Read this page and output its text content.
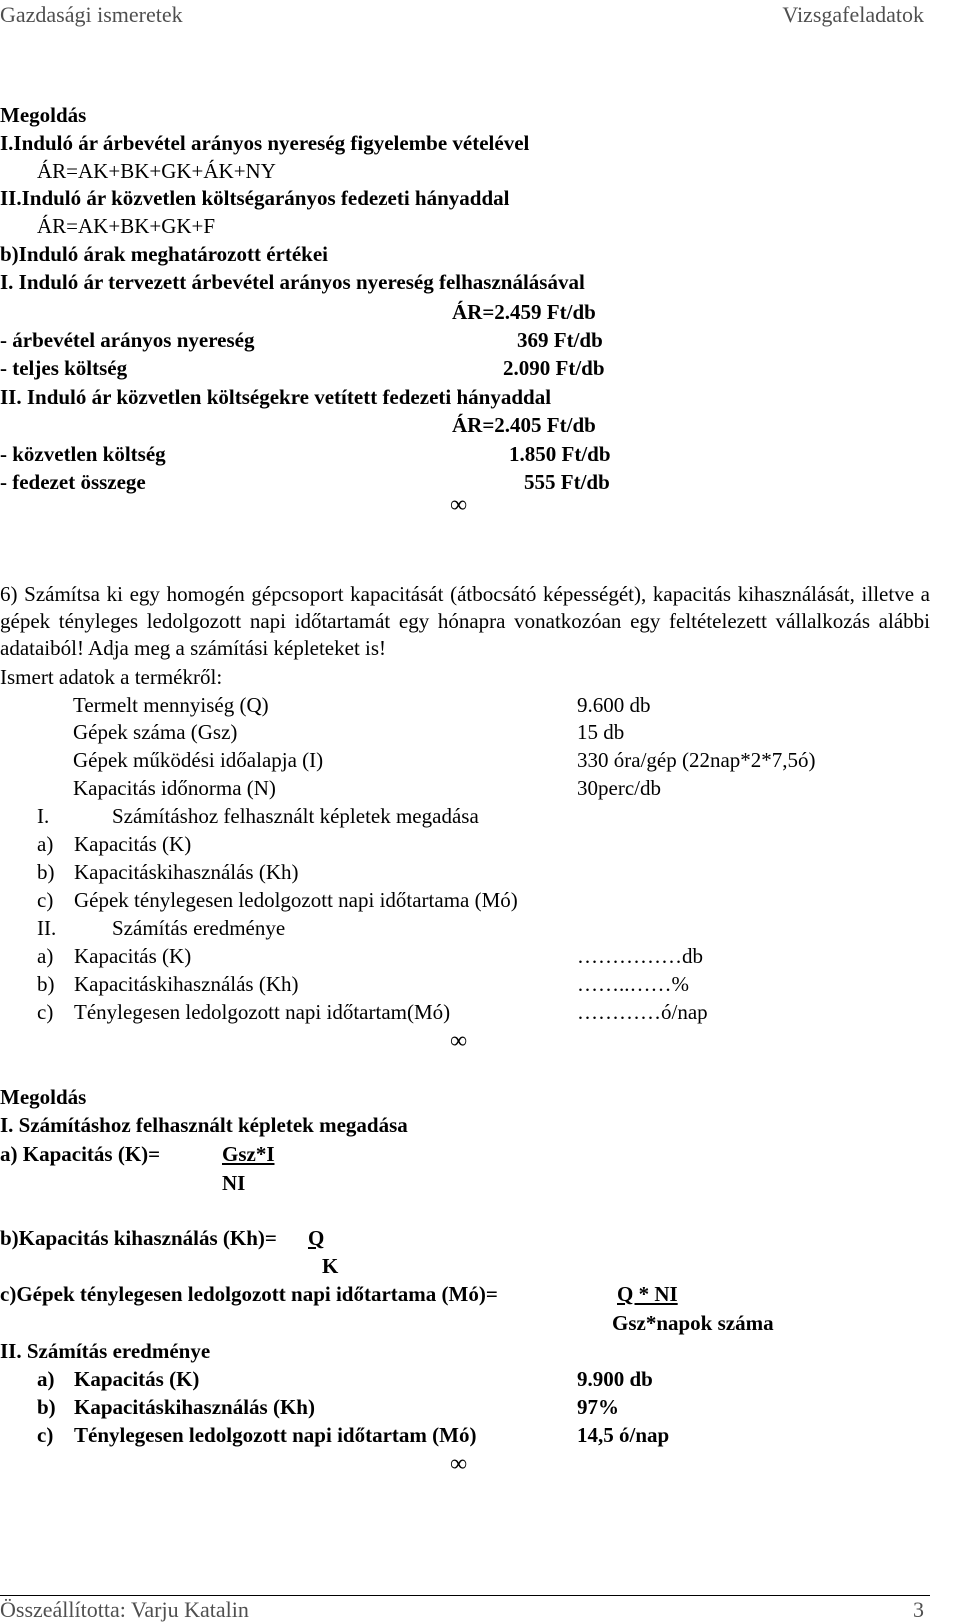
Gazdasági ismeretek	Vizsgafeladatok
Megoldás
I.Induló ár árbevétel arányos nyereség figyelembe vételével
ÁR=AK+BK+GK+ÁK+NY
II.Induló ár közvetlen költségarányos fedezeti hányaddal
ÁR=AK+BK+GK+F
b)Induló árak meghatározott értékei
I. Induló ár tervezett árbevétel arányos nyereség felhasználásával
ÁR=2.459 Ft/db
- árbevétel arányos nyereség	369 Ft/db
- teljes költség	2.090 Ft/db
II. Induló ár közvetlen költségekre vetített fedezeti hányaddal
ÁR=2.405 Ft/db
- közvetlen költség	1.850 Ft/db
- fedezet összege	555 Ft/db
∞
6) Számítsa ki egy homogén gépcsoport kapacitását (átbocsátó képességét), kapacitás kihasználását, illetve a gépek tényleges ledolgozott napi időtartamát egy hónapra vonatkozóan egy feltételezett vállalkozás alábbi adataiból! Adja meg a számítási képleteket is!
Ismert adatok a termékről:
Termelt mennyiség (Q)	9.600 db
Gépek száma (Gsz)	15 db
Gépek működési időalapja (I)	330 óra/gép (22nap*2*7,5ó)
Kapacitás időnorma (N)	30perc/db
I.	Számításhoz felhasznált képletek megadása
a) Kapacitás (K)
b) Kapacitáskihasználás (Kh)
c) Gépek ténylegesen ledolgozott napi időtartama (Mó)
II.	Számítás eredménye
a) Kapacitás (K)	……………db
b) Kapacitáskihasználás (Kh)	……..……%
c) Ténylegesen ledolgozott napi időtartam(Mó)	…………ó/nap
∞
Megoldás
I. Számításhoz felhasznált képletek megadása
a) Kapacitás (K)=	Gsz*I
NI
b)Kapacitás kihasználás (Kh)= Q
K
c)Gépek ténylegesen ledolgozott napi időtartama (Mó)=	Q * NI
Gsz*napok száma
II. Számítás eredménye
a) Kapacitás (K)	9.900 db
b) Kapacitáskihasználás (Kh)	97%
c) Ténylegesen ledolgozott napi időtartam (Mó)	14,5 ó/nap
∞
Összeállította: Varju Katalin	3
